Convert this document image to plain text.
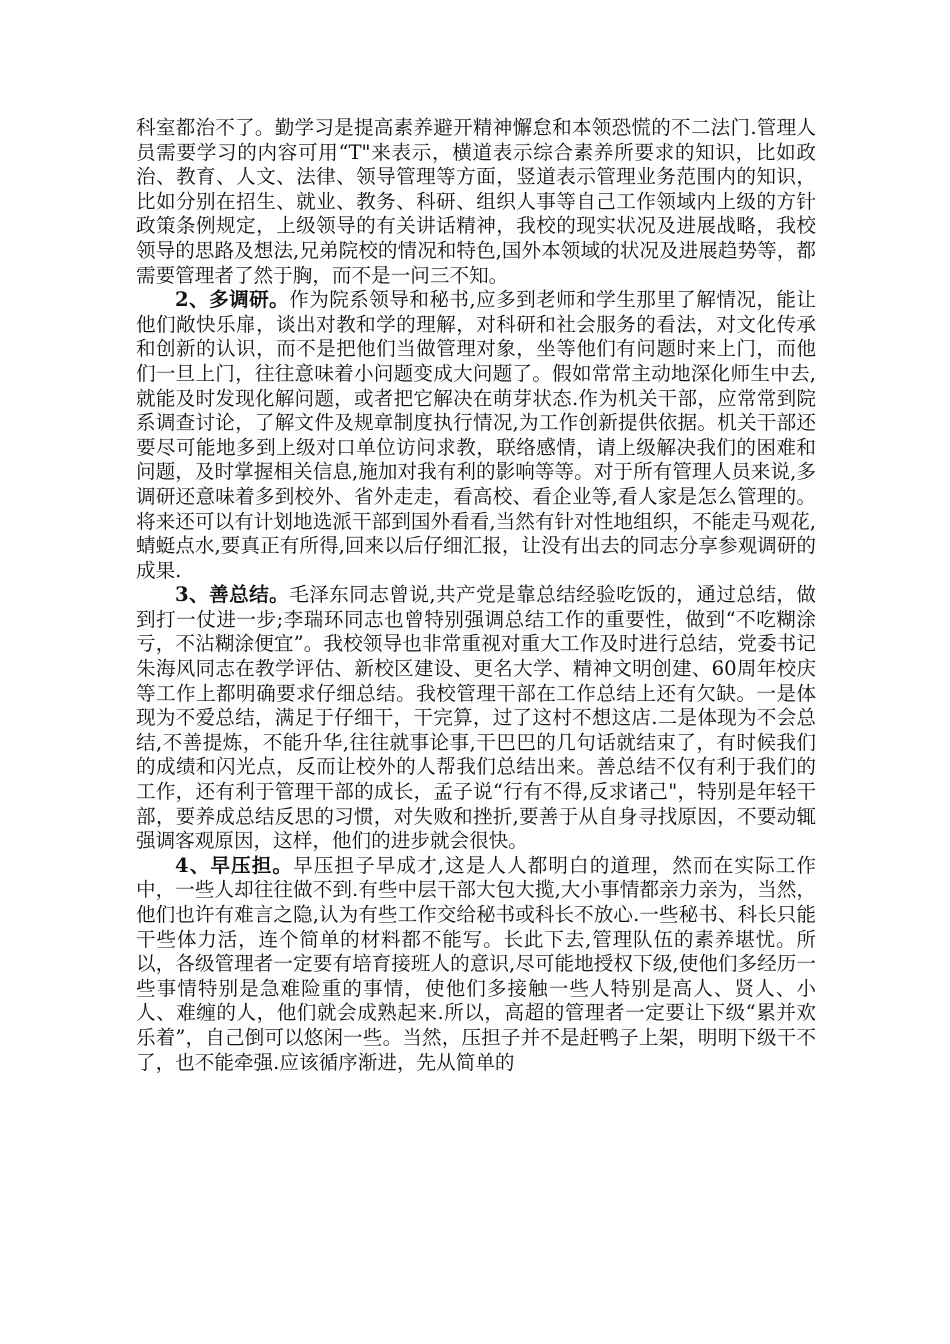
科室都治不了。勤学习是提高素养避开精神懈怠和本领恐慌的不二法门.管理人员需要学习的内容可用“T"来表示，横道表示综合素养所要求的知识，比如政治、教育、人文、法律、领导管理等方面，竖道表示管理业务范围内的知识，比如分别在招生、就业、教务、科研、组织人事等自己工作领域内上级的方针政策条例规定，上级领导的有关讲话精神，我校的现实状况及进展战略，我校领导的思路及想法,兄弟院校的情况和特色,国外本领域的状况及进展趋势等，都需要管理者了然于胸，而不是一问三不知。

2、多调研。作为院系领导和秘书,应多到老师和学生那里了解情况，能让他们敞快乐扉，谈出对教和学的理解，对科研和社会服务的看法，对文化传承和创新的认识，而不是把他们当做管理对象，坐等他们有问题时来上门，而他们一旦上门，往往意味着小问题变成大问题了。假如常常主动地深化师生中去,就能及时发现化解问题，或者把它解决在萌芽状态.作为机关干部，应常常到院系调查讨论，了解文件及规章制度执行情况,为工作创新提供依据。机关干部还要尽可能地多到上级对口单位访问求教，联络感情，请上级解决我们的困难和问题，及时掌握相关信息,施加对我有利的影响等等。对于所有管理人员来说,多调研还意味着多到校外、省外走走，看高校、看企业等,看人家是怎么管理的。将来还可以有计划地选派干部到国外看看,当然有针对性地组织，不能走马观花,蜻蜓点水,要真正有所得,回来以后仔细汇报，让没有出去的同志分享参观调研的成果.

3、善总结。毛泽东同志曾说,共产党是靠总结经验吃饭的，通过总结，做到打一仗进一步;李瑞环同志也曾特别强调总结工作的重要性，做到“不吃糊涂亏，不沾糊涂便宜”。我校领导也非常重视对重大工作及时进行总结，党委书记朱海风同志在教学评估、新校区建设、更名大学、精神文明创建、60周年校庆等工作上都明确要求仔细总结。我校管理干部在工作总结上还有欠缺。一是体现为不爱总结，满足于仔细干，干完算，过了这村不想这店.二是体现为不会总结,不善提炼，不能升华,往往就事论事,干巴巴的几句话就结束了，有时候我们的成绩和闪光点，反而让校外的人帮我们总结出来。善总结不仅有利于我们的工作，还有利于管理干部的成长，孟子说“行有不得,反求诸己"，特别是年轻干部，要养成总结反思的习惯，对失败和挫折,要善于从自身寻找原因，不要动辄强调客观原因，这样，他们的进步就会很快。

4、早压担。早压担子早成才,这是人人都明白的道理，然而在实际工作中，一些人却往往做不到.有些中层干部大包大揽,大小事情都亲力亲为，当然，他们也许有难言之隐,认为有些工作交给秘书或科长不放心.一些秘书、科长只能干些体力活，连个简单的材料都不能写。长此下去,管理队伍的素养堪忧。所以，各级管理者一定要有培育接班人的意识,尽可能地授权下级,使他们多经历一些事情特别是急难险重的事情，使他们多接触一些人特别是高人、贤人、小人、难缠的人，他们就会成熟起来.所以，高超的管理者一定要让下级“累并欢乐着”，自己倒可以悠闲一些。当然，压担子并不是赶鸭子上架，明明下级干不了，也不能牵强.应该循序渐进，先从简单的
